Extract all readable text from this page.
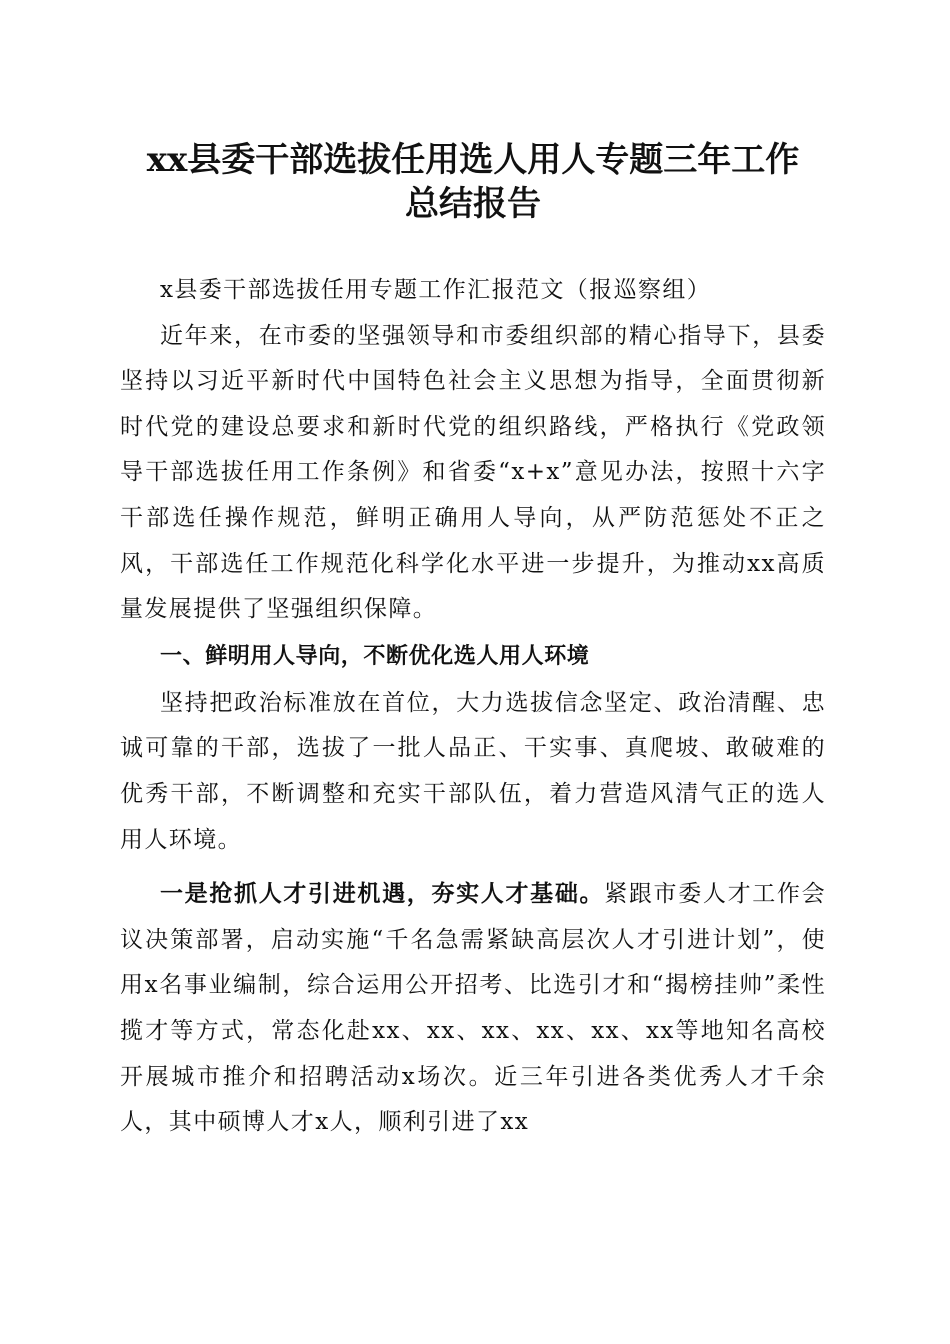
xx县委干部选拔任用选人用人专题三年工作
总结报告

x县委干部选拔任用专题工作汇报范文（报巡察组）

近年来，在市委的坚强领导和市委组织部的精心指导下，县委坚持以习近平新时代中国特色社会主义思想为指导，全面贯彻新时代党的建设总要求和新时代党的组织路线，严格执行《党政领导干部选拔任用工作条例》和省委“x+x”意见办法，按照十六字干部选任操作规范，鲜明正确用人导向，从严防范惩处不正之风，干部选任工作规范化科学化水平进一步提升，为推动xx高质量发展提供了坚强组织保障。

一、鲜明用人导向，不断优化选人用人环境

坚持把政治标准放在首位，大力选拔信念坚定、政治清醒、忠诚可靠的干部，选拔了一批人品正、干实事、真爬坡、敢破难的优秀干部，不断调整和充实干部队伍，着力营造风清气正的选人用人环境。

一是抢抓人才引进机遇，夯实人才基础。紧跟市委人才工作会议决策部署，启动实施“千名急需紧缺高层次人才引进计划”，使用x名事业编制，综合运用公开招考、比选引才和“揭榜挂帅”柔性揽才等方式，常态化赴xx、xx、xx、xx、xx、xx等地知名高校开展城市推介和招聘活动x场次。近三年引进各类优秀人才千余人，其中硕博人才x人，顺利引进了xx
